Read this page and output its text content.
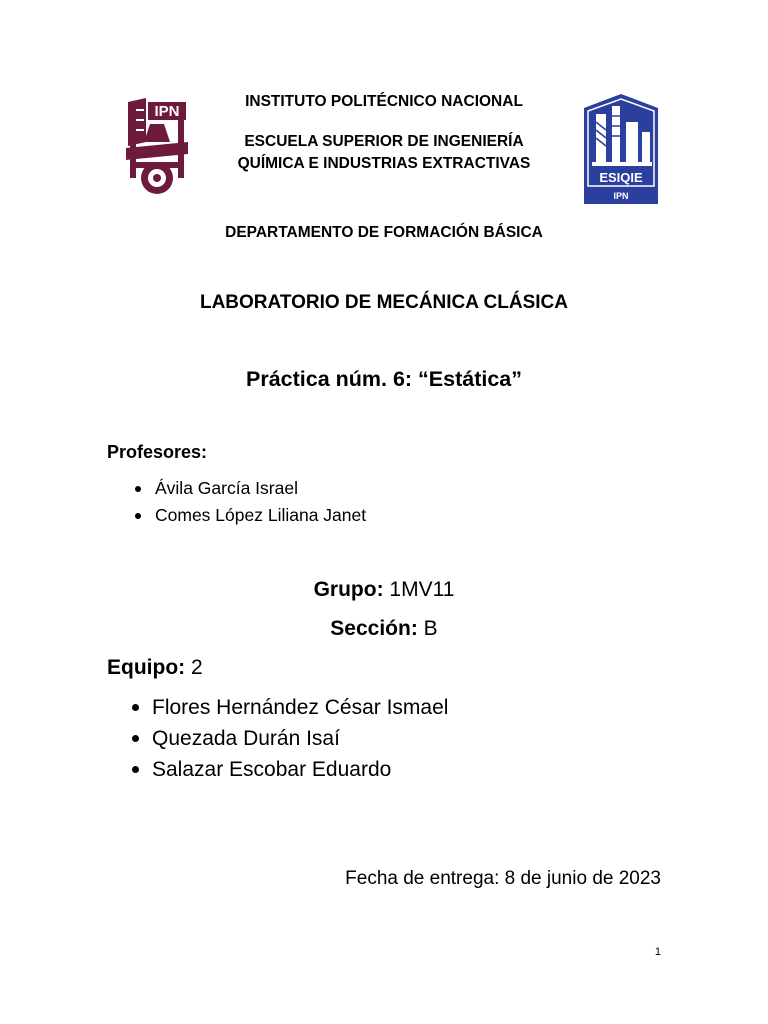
IPN
ESIQIE
IPN
INSTITUTO POLITÉCNICO NACIONAL
ESCUELA SUPERIOR DE INGENIERÍA
QUÍMICA E INDUSTRIAS EXTRACTIVAS
DEPARTAMENTO DE FORMACIÓN BÁSICA
LABORATORIO DE MECÁNICA CLÁSICA
Práctica núm. 6: “Estática”
Profesores:
Ávila García Israel
Comes López Liliana Janet
Grupo: 1MV11
Sección: B
Equipo: 2
Flores Hernández César Ismael
Quezada Durán Isaí
Salazar Escobar Eduardo
Fecha de entrega: 8 de junio de 2023
1
